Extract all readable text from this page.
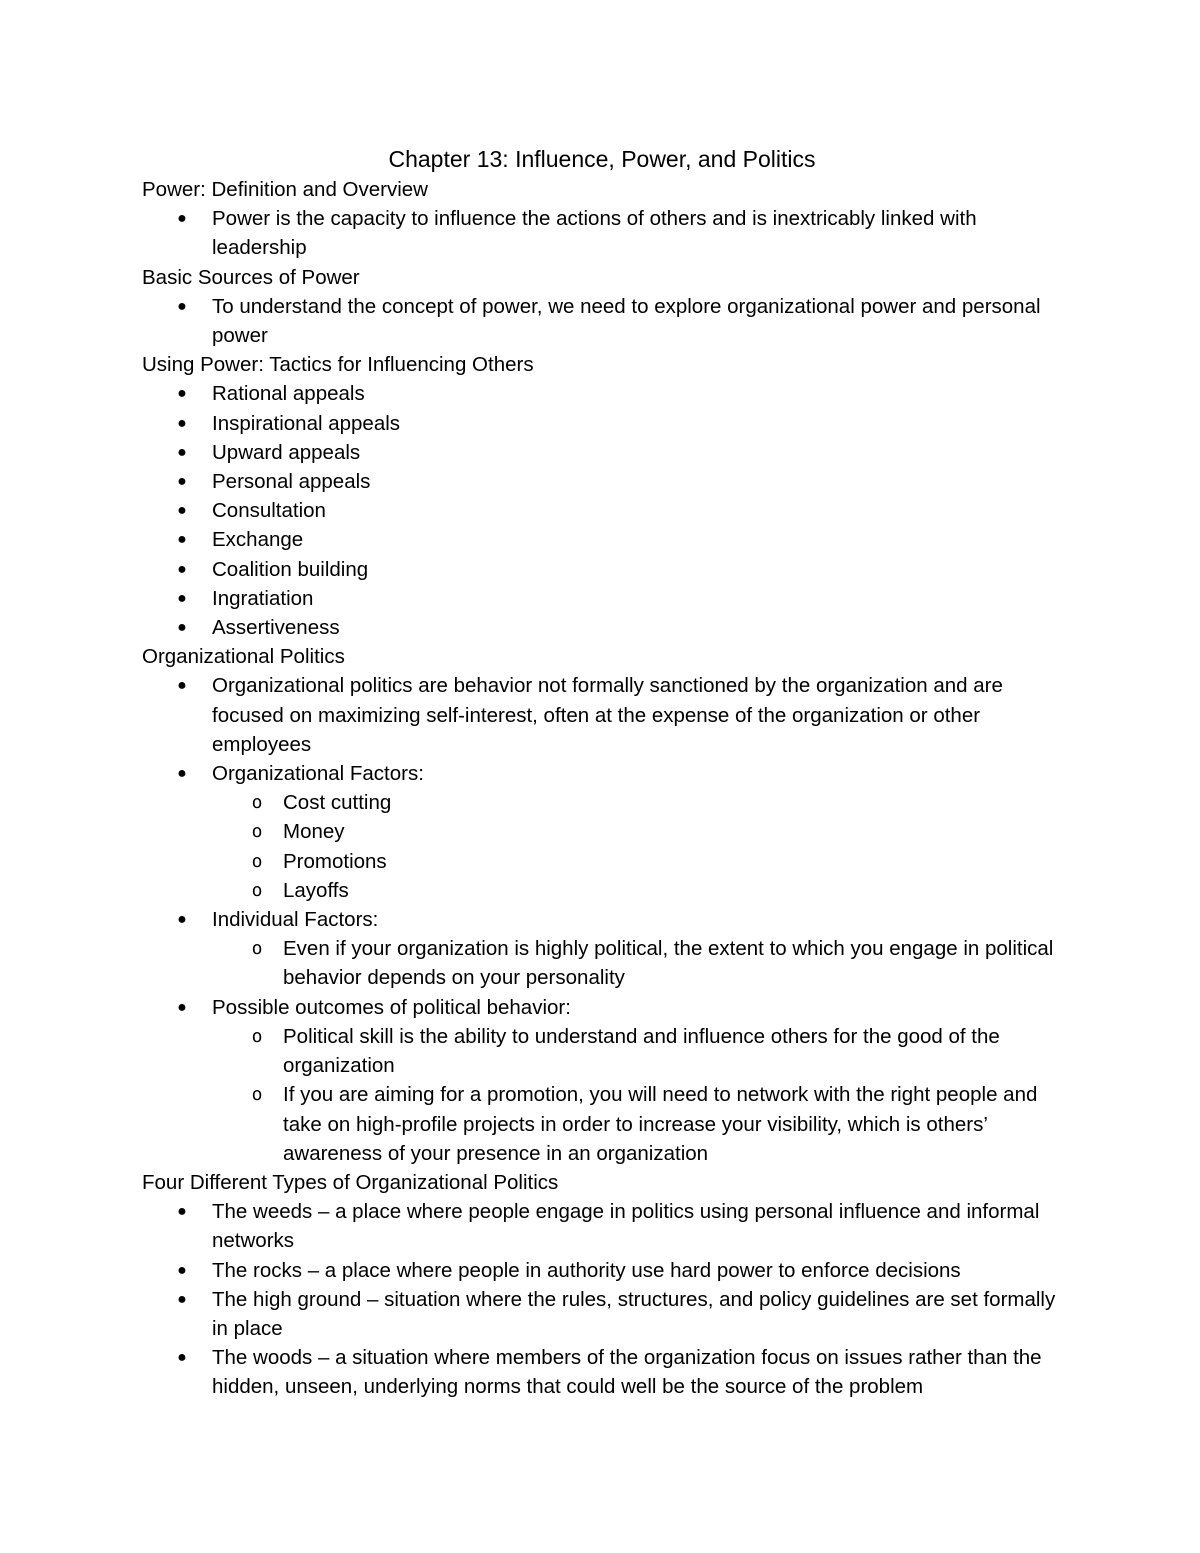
Chapter 13: Influence, Power, and Politics
Power: Definition and Overview
● Power is the capacity to influence the actions of others and is inextricably linked with leadership
Basic Sources of Power
● To understand the concept of power, we need to explore organizational power and personal power
Using Power: Tactics for Influencing Others
● Rational appeals
● Inspirational appeals
● Upward appeals
● Personal appeals
● Consultation
● Exchange
● Coalition building
● Ingratiation
● Assertiveness
Organizational Politics
● Organizational politics are behavior not formally sanctioned by the organization and are focused on maximizing self-interest, often at the expense of the organization or other employees
● Organizational Factors:
o Cost cutting
o Money
o Promotions
o Layoffs
● Individual Factors:
o Even if your organization is highly political, the extent to which you engage in political behavior depends on your personality
● Possible outcomes of political behavior:
o Political skill is the ability to understand and influence others for the good of the organization
o If you are aiming for a promotion, you will need to network with the right people and take on high-profile projects in order to increase your visibility, which is others’ awareness of your presence in an organization
Four Different Types of Organizational Politics
● The weeds – a place where people engage in politics using personal influence and informal networks
● The rocks – a place where people in authority use hard power to enforce decisions
● The high ground – situation where the rules, structures, and policy guidelines are set formally in place
● The woods – a situation where members of the organization focus on issues rather than the hidden, unseen, underlying norms that could well be the source of the problem
